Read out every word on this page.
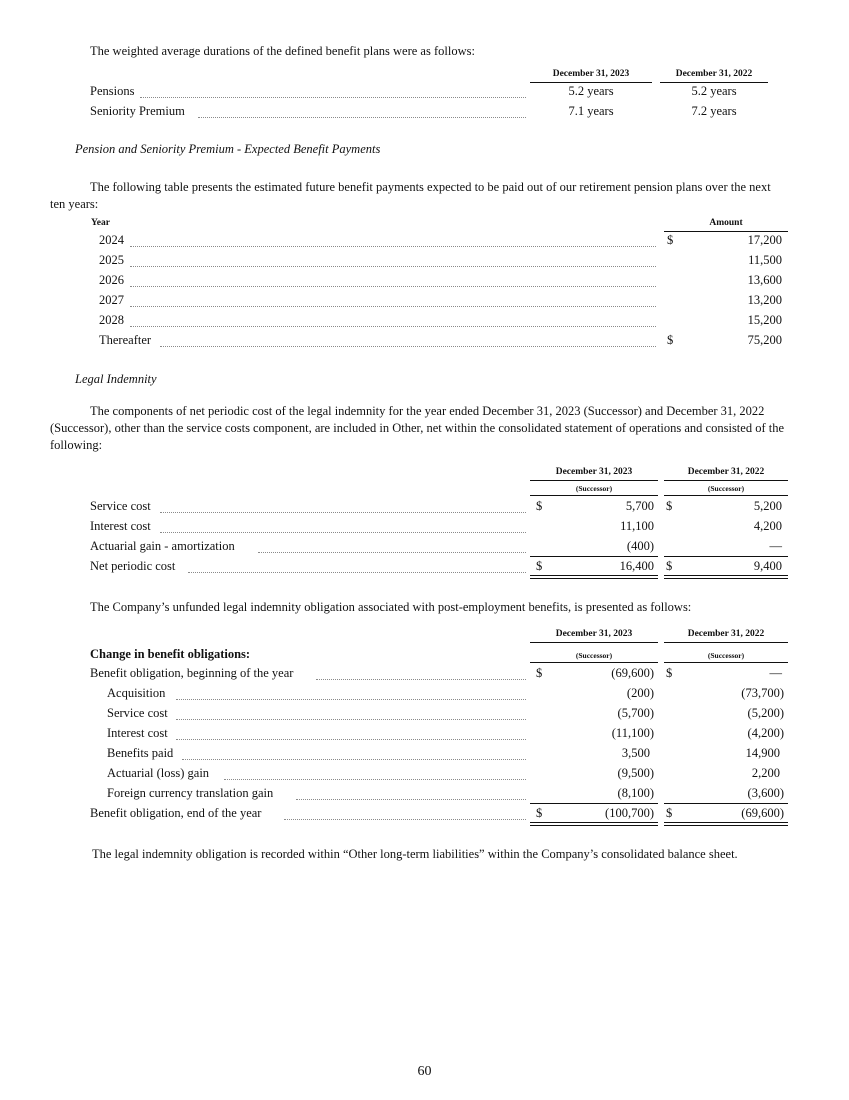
The weighted average durations of the defined benefit plans were as follows:
December 31, 2023	December 31, 2022
Pensions	5.2 years	5.2 years
Seniority Premium	7.1 years	7.2 years
Pension and Seniority Premium - Expected Benefit Payments
The following table presents the estimated future benefit payments expected to be paid out of our retirement pension plans over the next ten years:
Year	Amount
2024	$	17,200
2025	11,500
2026	13,600
2027	13,200
2028	15,200
Thereafter	$	75,200
Legal Indemnity
The components of net periodic cost of the legal indemnity for the year ended December 31, 2023 (Successor) and December 31, 2022 (Successor), other than the service costs component, are included in Other, net within the consolidated statement of operations and consisted of the following:
December 31, 2023	December 31, 2022
(Successor)	(Successor)
Service cost	$	5,700 $	5,200
Interest cost	11,100	4,200
Actuarial gain - amortization	(400)	—
Net periodic cost	$	16,400 $	9,400
The Company’s unfunded legal indemnity obligation associated with post-employment benefits, is presented as follows:
December 31, 2023	December 31, 2022
(Successor)	(Successor)
Change in benefit obligations:
Benefit obligation, beginning of the year	$	(69,600) $	—
Acquisition	(200)	(73,700)
Service cost	(5,700)	(5,200)
Interest cost	(11,100)	(4,200)
Benefits paid	3,500	14,900
Actuarial (loss) gain	(9,500)	2,200
Foreign currency translation gain	(8,100)	(3,600)
Benefit obligation, end of the year	$	(100,700) $	(69,600)
The legal indemnity obligation is recorded within “Other long-term liabilities” within the Company’s consolidated balance sheet.
60
